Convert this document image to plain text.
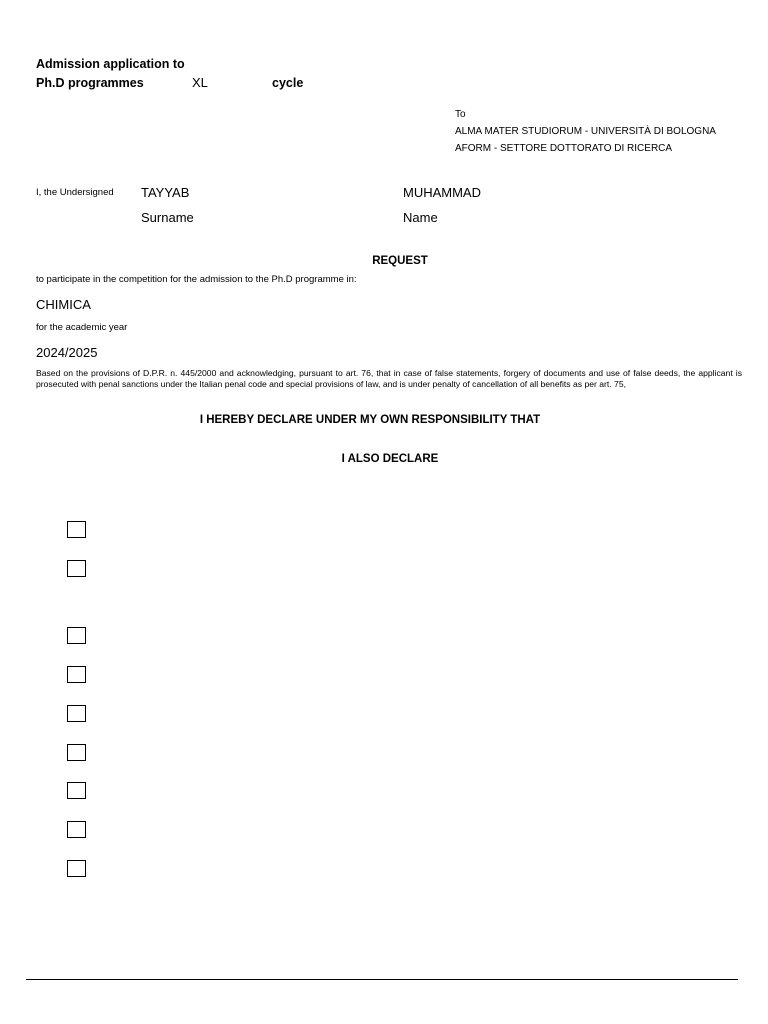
Admission application to
Ph.D programmes	XL	cycle
To
ALMA MATER STUDIORUM - UNIVERSITÀ DI BOLOGNA
AFORM - SETTORE DOTTORATO DI RICERCA
I, the Undersigned TAYYAB	MUHAMMAD
Surname	Name
REQUEST
to participate in the competition for the admission to the Ph.D programme in:
CHIMICA
for the academic year
2024/2025
Based on the provisions of D.P.R. n. 445/2000 and acknowledging, pursuant to art. 76, that in case of false statements, forgery of documents and use of false deeds, the applicant is prosecuted with penal sanctions under the Italian penal code and special provisions of law, and is under penalty of cancellation of all benefits as per art. 75,
I HEREBY DECLARE UNDER MY OWN RESPONSIBILITY THAT
I ALSO DECLARE
